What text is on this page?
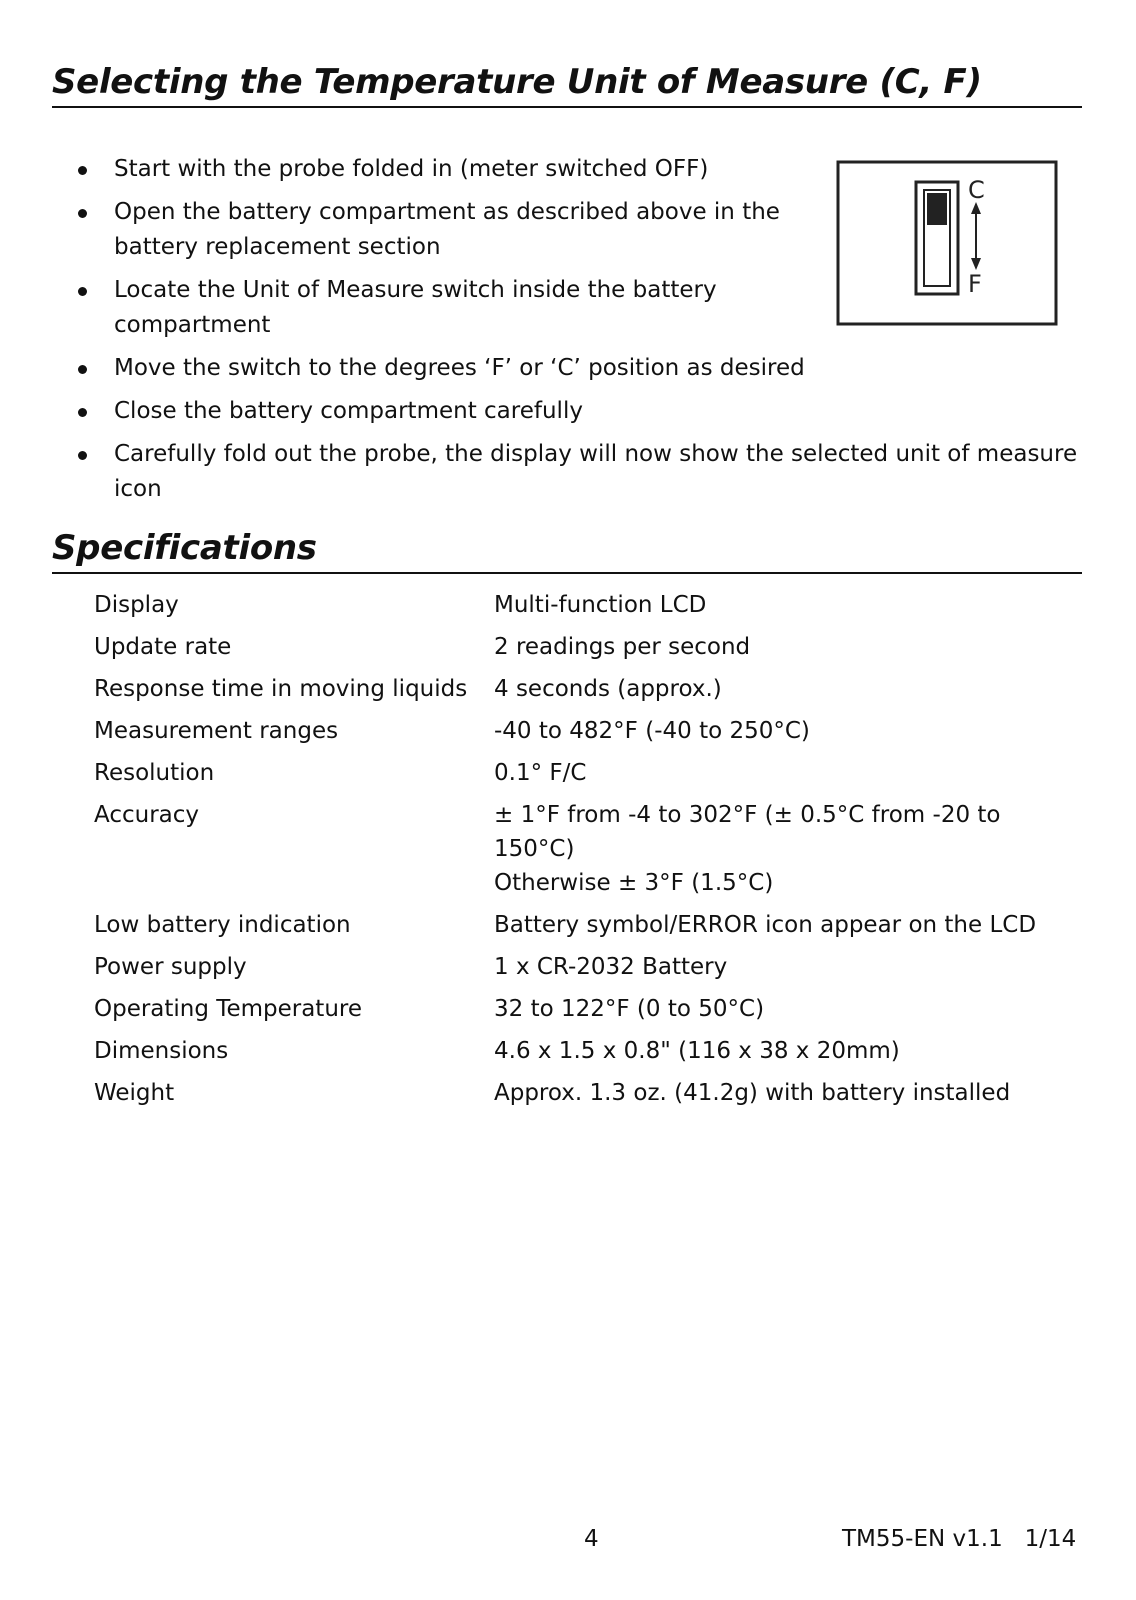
Selecting the Temperature Unit of Measure (C, F)
Start with the probe folded in (meter switched OFF)
Open the battery compartment as described above in the battery replacement section
Locate the Unit of Measure switch inside the battery compartment
Move the switch to the degrees ‘F’ or ‘C’ position as desired
Close the battery compartment carefully
Carefully fold out the probe, the display will now show the selected unit of measure icon
C
F
Specifications
Display	Multi-function LCD
Update rate	2 readings per second
Response time in moving liquids	4 seconds (approx.)
Measurement ranges	-40 to 482°F (-40 to 250°C)
Resolution	0.1° F/C
Accuracy	± 1°F from -4 to 302°F (± 0.5°C from -20 to 150°C)
Otherwise ± 3°F (1.5°C)

Low battery indication	Battery symbol/ERROR icon appear on the LCD
Power supply	1 x CR-2032 Battery
Operating Temperature	32 to 122°F (0 to 50°C)
Dimensions	4.6 x 1.5 x 0.8" (116 x 38 x 20mm)
Weight	Approx. 1.3 oz. (41.2g) with battery installed
4	TM55-EN v1.1   1/14
